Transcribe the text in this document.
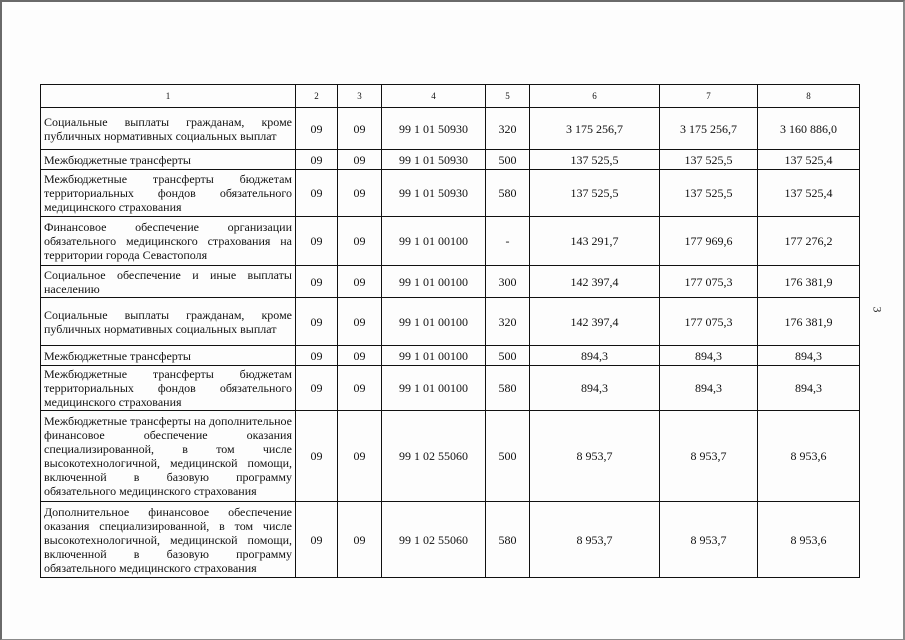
1	2	3	4	5	6	7	8
Социальные выплаты гражданам, кроме публичных нормативных социальных выплат	09	09	99 1 01 50930	320	3 175 256,7	3 175 256,7	3 160 886,0
Межбюджетные трансферты	09	09	99 1 01 50930	500	137 525,5	137 525,5	137 525,4
Межбюджетные трансферты бюджетам территориальных фондов обязательного медицинского страхования	09	09	99 1 01 50930	580	137 525,5	137 525,5	137 525,4
Финансовое обеспечение организации обязательного медицинского страхования на территории города Севастополя	09	09	99 1 01 00100	-	143 291,7	177 969,6	177 276,2
Социальное обеспечение и иные выплаты населению	09	09	99 1 01 00100	300	142 397,4	177 075,3	176 381,9
Социальные выплаты гражданам, кроме публичных нормативных социальных выплат	09	09	99 1 01 00100	320	142 397,4	177 075,3	176 381,9
Межбюджетные трансферты	09	09	99 1 01 00100	500	894,3	894,3	894,3
Межбюджетные трансферты бюджетам территориальных фондов обязательного медицинского страхования	09	09	99 1 01 00100	580	894,3	894,3	894,3
Межбюджетные трансферты на дополнительное финансовое обеспечение оказания специализированной, в том числе высокотехнологичной, медицинской помощи, включенной в базовую программу обязательного медицинского страхования	09	09	99 1 02 55060	500	8 953,7	8 953,7	8 953,6
Дополнительное финансовое обеспечение оказания специализированной, в том числе высокотехнологичной, медицинской помощи, включенной в базовую программу обязательного медицинского страхования	09	09	99 1 02 55060	580	8 953,7	8 953,7	8 953,6
3
